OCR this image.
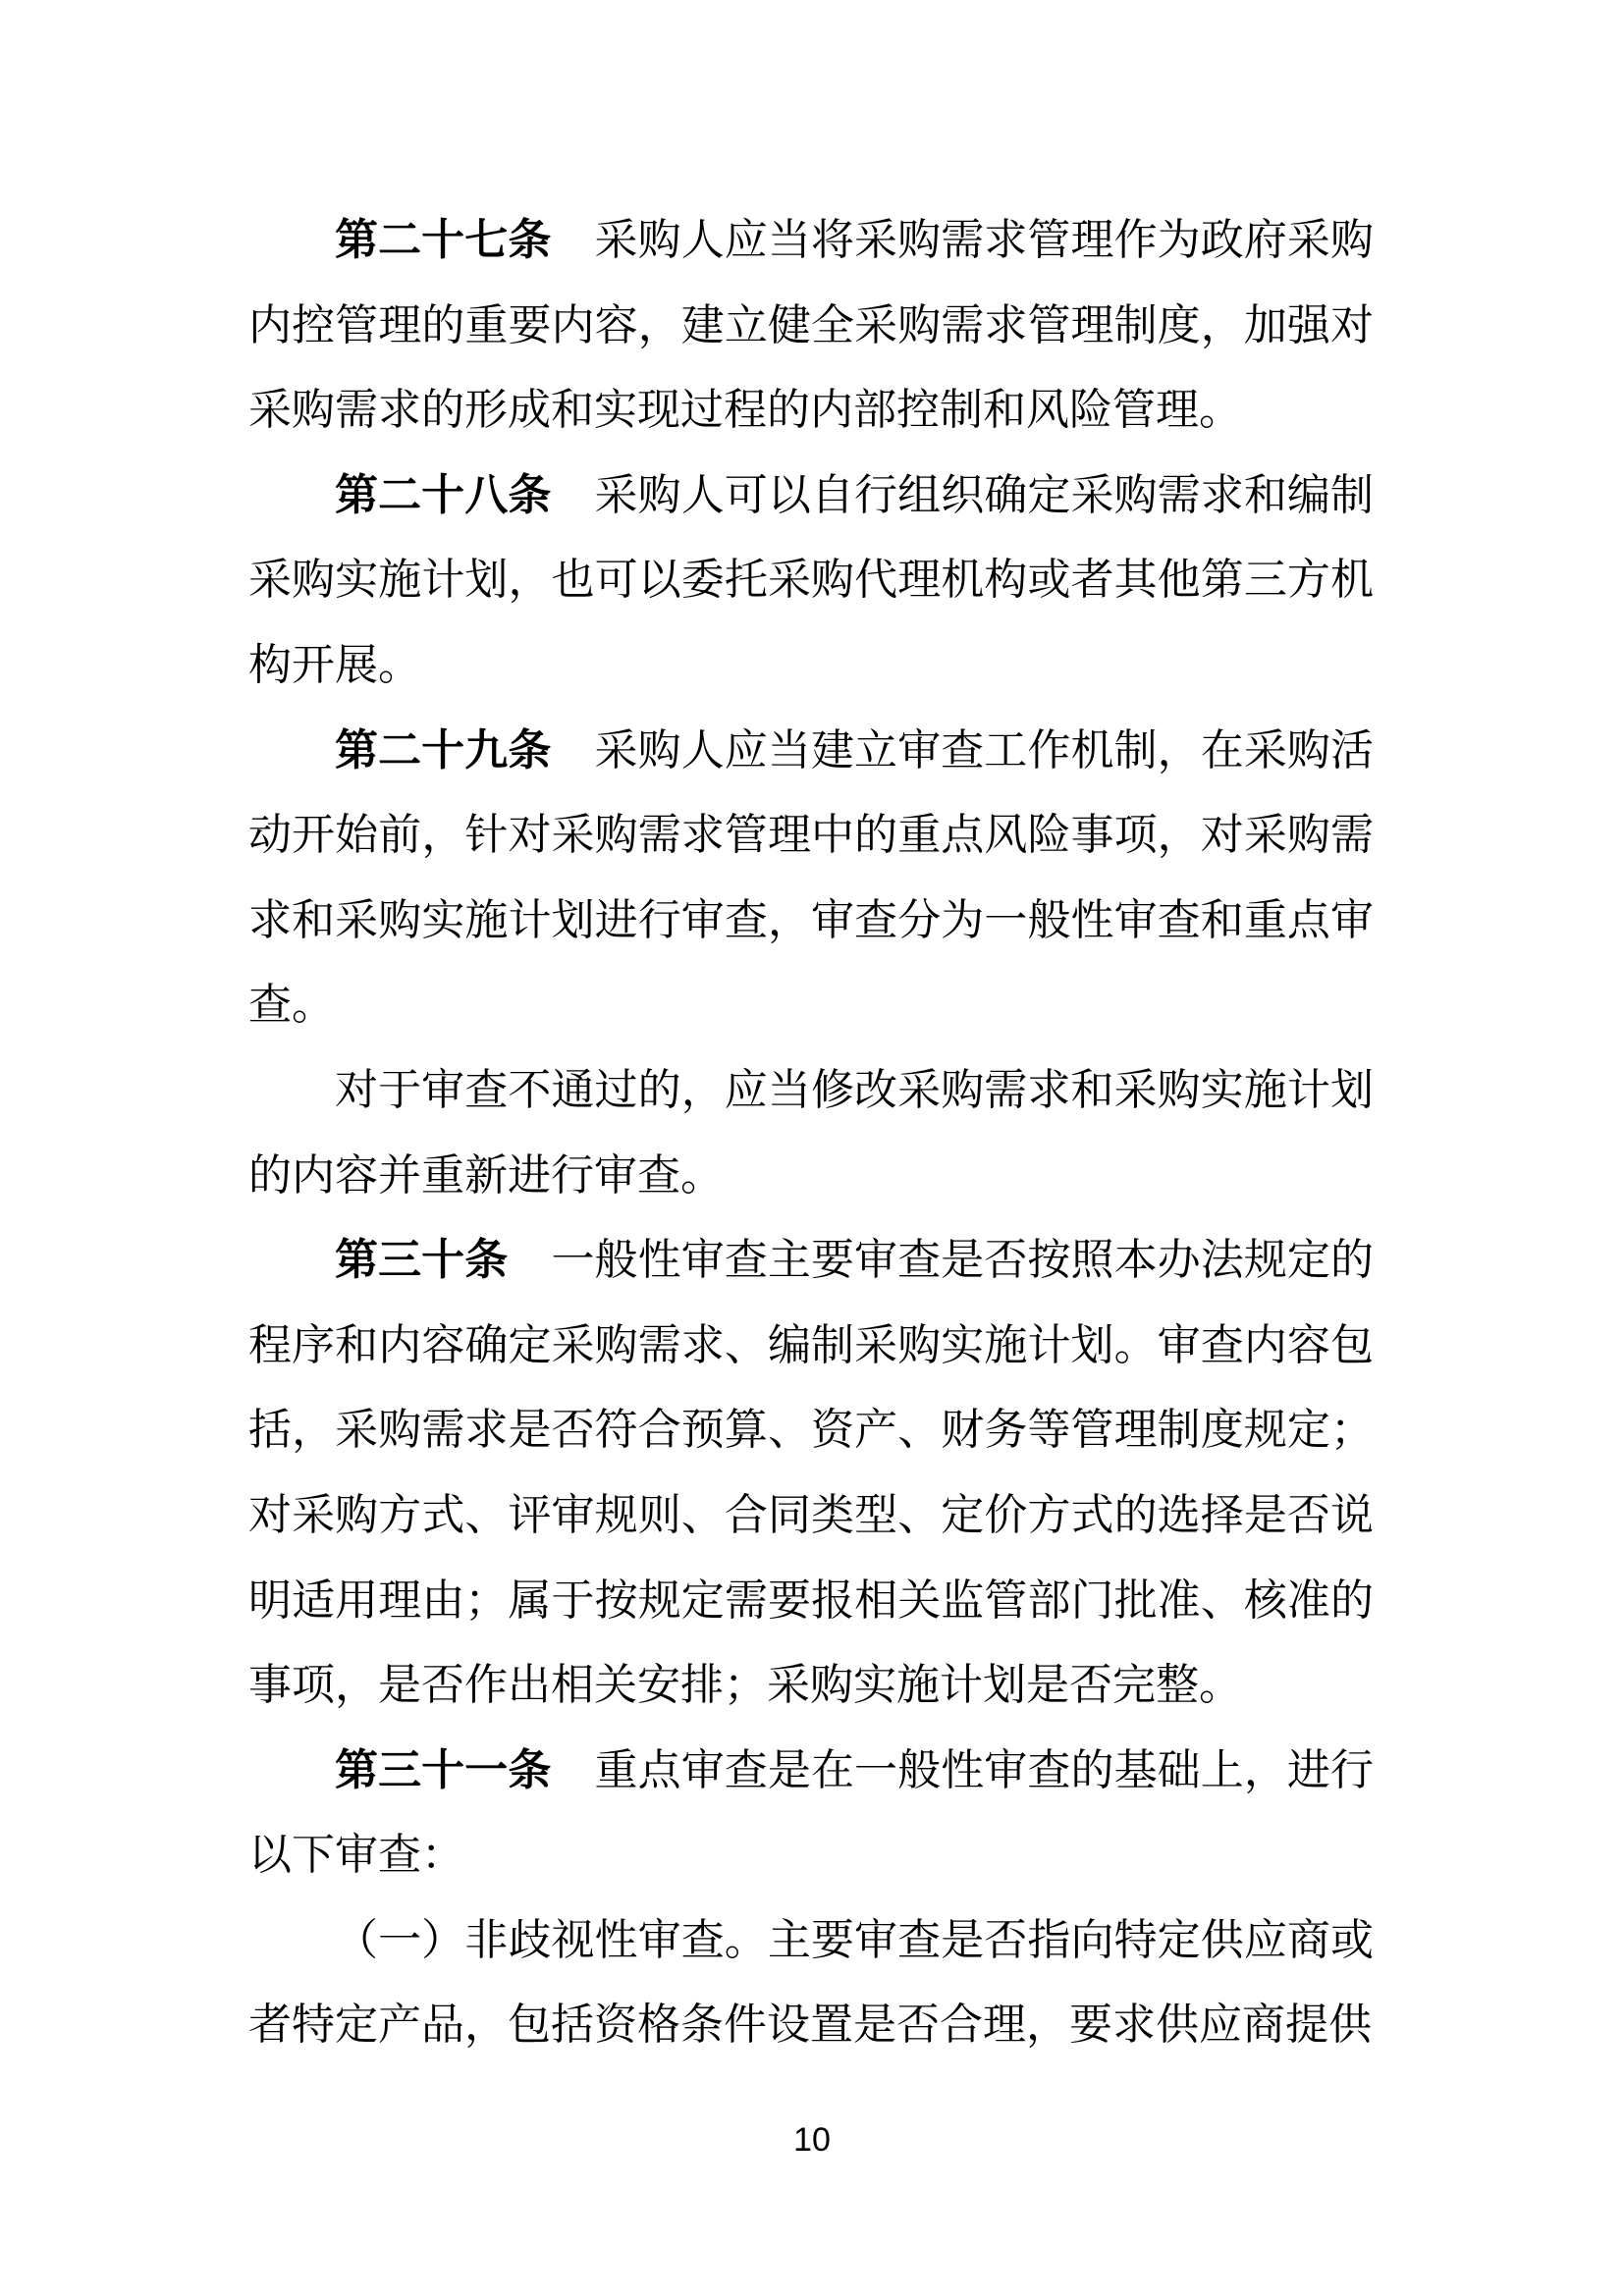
第二十七条　采购人应当将采购需求管理作为政府采购内控管理的重要内容，建立健全采购需求管理制度，加强对采购需求的形成和实现过程的内部控制和风险管理。

第二十八条　采购人可以自行组织确定采购需求和编制采购实施计划，也可以委托采购代理机构或者其他第三方机构开展。

第二十九条　采购人应当建立审查工作机制，在采购活动开始前，针对采购需求管理中的重点风险事项，对采购需求和采购实施计划进行审查，审查分为一般性审查和重点审查。

对于审查不通过的，应当修改采购需求和采购实施计划的内容并重新进行审查。

第三十条　一般性审查主要审查是否按照本办法规定的程序和内容确定采购需求、编制采购实施计划。审查内容包括，采购需求是否符合预算、资产、财务等管理制度规定；对采购方式、评审规则、合同类型、定价方式的选择是否说明适用理由；属于按规定需要报相关监管部门批准、核准的事项，是否作出相关安排；采购实施计划是否完整。

第三十一条　重点审查是在一般性审查的基础上，进行以下审查：

（一）非歧视性审查。主要审查是否指向特定供应商或者特定产品，包括资格条件设置是否合理，要求供应商提供

10
